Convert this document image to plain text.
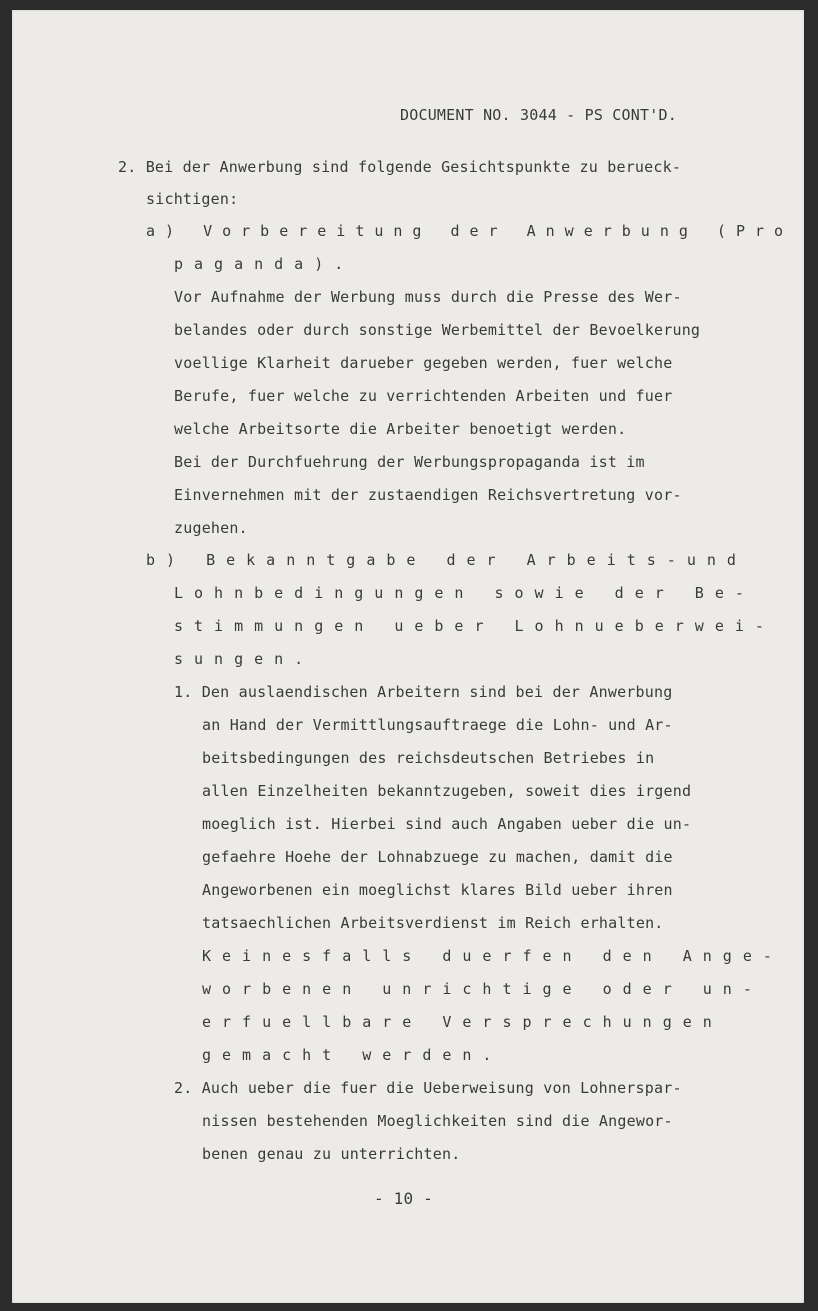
DOCUMENT NO. 3044 - PS CONT'D.
2. Bei der Anwerbung sind folgende Gesichtspunkte zu berueck-
sichtigen:
a) Vorbereitung der Anwerbung (Pro
paganda).
Vor Aufnahme der Werbung muss durch die Presse des Wer-
belandes oder durch sonstige Werbemittel der Bevoelkerung
voellige Klarheit darueber gegeben werden, fuer welche
Berufe, fuer welche zu verrichtenden Arbeiten und fuer
welche Arbeitsorte die Arbeiter benoetigt werden.
Bei der Durchfuehrung der Werbungspropaganda ist im
Einvernehmen mit der zustaendigen Reichsvertretung vor-
zugehen.
b) Bekanntgabe der Arbeits-und
Lohnbedingungen sowie der Be-
stimmungen ueber Lohnueberwei-
sungen.
1. Den auslaendischen Arbeitern sind bei der Anwerbung
an Hand der Vermittlungsauftraege die Lohn- und Ar-
beitsbedingungen des reichsdeutschen Betriebes in
allen Einzelheiten bekanntzugeben, soweit dies irgend
moeglich ist. Hierbei sind auch Angaben ueber die un-
gefaehre Hoehe der Lohnabzuege zu machen, damit die
Angeworbenen ein moeglichst klares Bild ueber ihren
tatsaechlichen Arbeitsverdienst im Reich erhalten.
Keinesfalls duerfen den Ange-
worbenen unrichtige oder un-
erfuellbare Versprechungen
gemacht werden.
2. Auch ueber die fuer die Ueberweisung von Lohnerspar-
nissen bestehenden Moeglichkeiten sind die Angewor-
benen genau zu unterrichten.
- 10 -
